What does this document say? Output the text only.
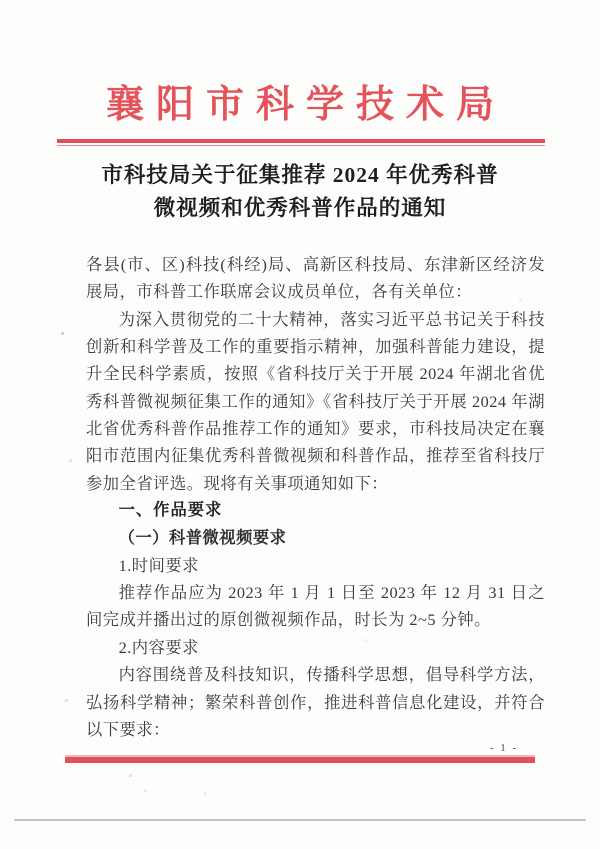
襄阳市科学技术局
市科技局关于征集推荐 2024 年优秀科普
微视频和优秀科普作品的通知

各县(市、区)科技(科经)局、高新区科技局、东津新区经济发展局，市科普工作联席会议成员单位，各有关单位：

为深入贯彻党的二十大精神，落实习近平总书记关于科技创新和科学普及工作的重要指示精神，加强科普能力建设，提升全民科学素质，按照《省科技厅关于开展 2024 年湖北省优秀科普微视频征集工作的通知》《省科技厅关于开展 2024 年湖北省优秀科普作品推荐工作的通知》要求，市科技局决定在襄阳市范围内征集优秀科普微视频和科普作品，推荐至省科技厅参加全省评选。现将有关事项通知如下：

一、作品要求

（一）科普微视频要求

1.时间要求

推荐作品应为 2023 年 1 月 1 日至 2023 年 12 月 31 日之间完成并播出过的原创微视频作品，时长为 2~5 分钟。

2.内容要求

内容围绕普及科技知识，传播科学思想，倡导科学方法，弘扬科学精神；繁荣科普创作，推进科普信息化建设，并符合以下要求：

- 1 -
